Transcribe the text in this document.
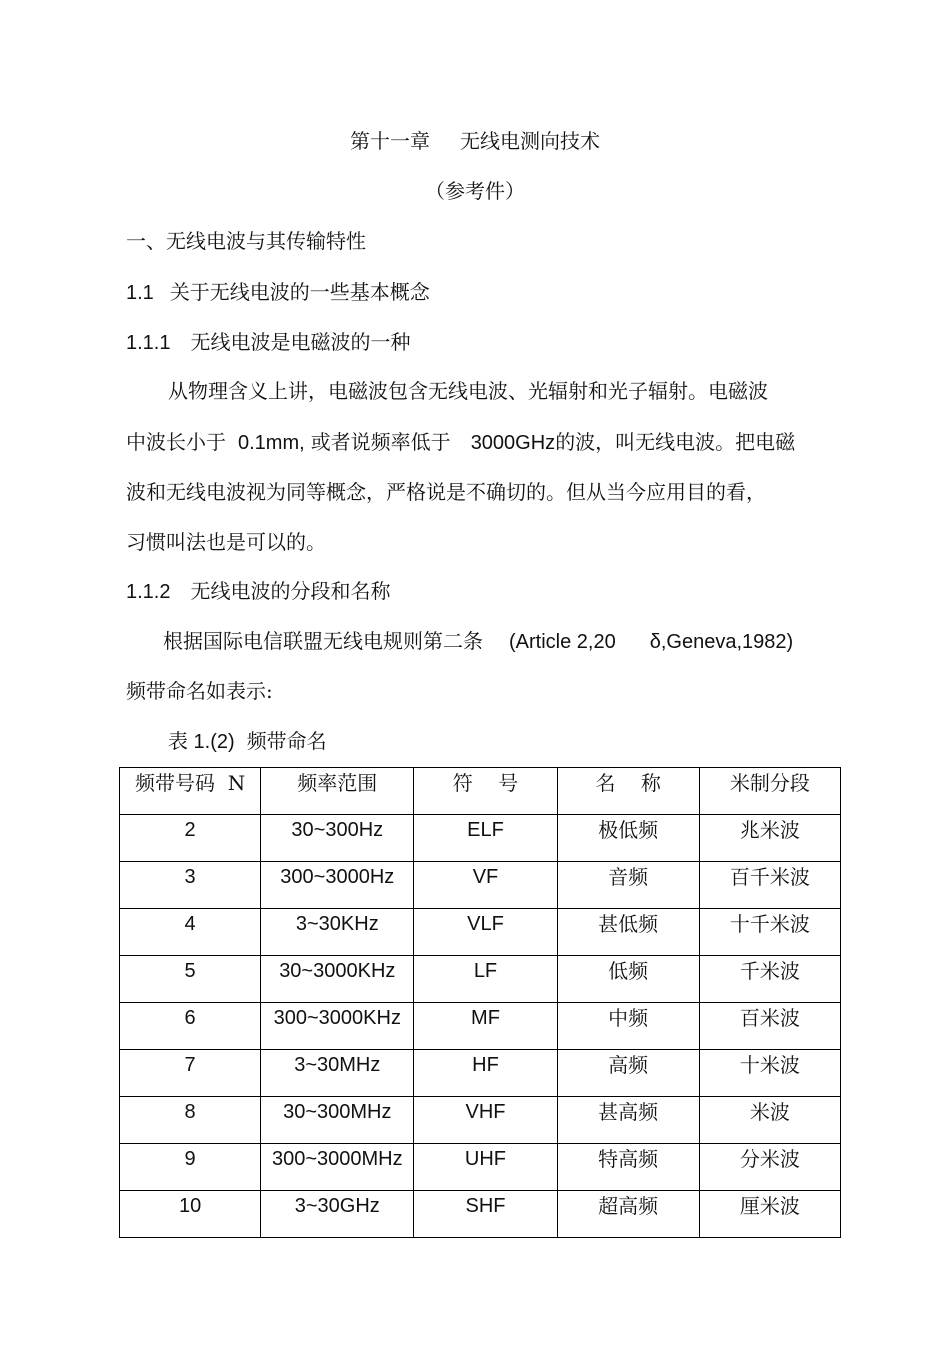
第十一章 无线电测向技术
（参考件）
一、无线电波与其传输特性
1.1 关于无线电波的一些基本概念
1.1.1 无线电波是电磁波的一种
从物理含义上讲，电磁波包含无线电波、光辐射和光子辐射。电磁波
中波长小于 0.1mm, 或者说频率低于 3000GHz的波，叫无线电波。把电磁
波和无线电波视为同等概念，严格说是不确切的。但从当今应用目的看，
习惯叫法也是可以的。
1.1.2 无线电波的分段和名称
根据国际电信联盟无线电规则第二条 (Article 2,20 δ,Geneva,1982)
频带命名如表示:
表 1.(2) 频带命名
频带号码  N	频率范围	符    号	名    称	米制分段
2	30~300Hz	ELF	极低频	兆米波
3	300~3000Hz	VF	音频	百千米波
4	3~30KHz	VLF	甚低频	十千米波
5	30~3000KHz	LF	低频	千米波
6	300~3000KHz	MF	中频	百米波
7	3~30MHz	HF	高频	十米波
8	30~300MHz	VHF	甚高频	米波
9	300~3000MHz	UHF	特高频	分米波
10	3~30GHz	SHF	超高频	厘米波
